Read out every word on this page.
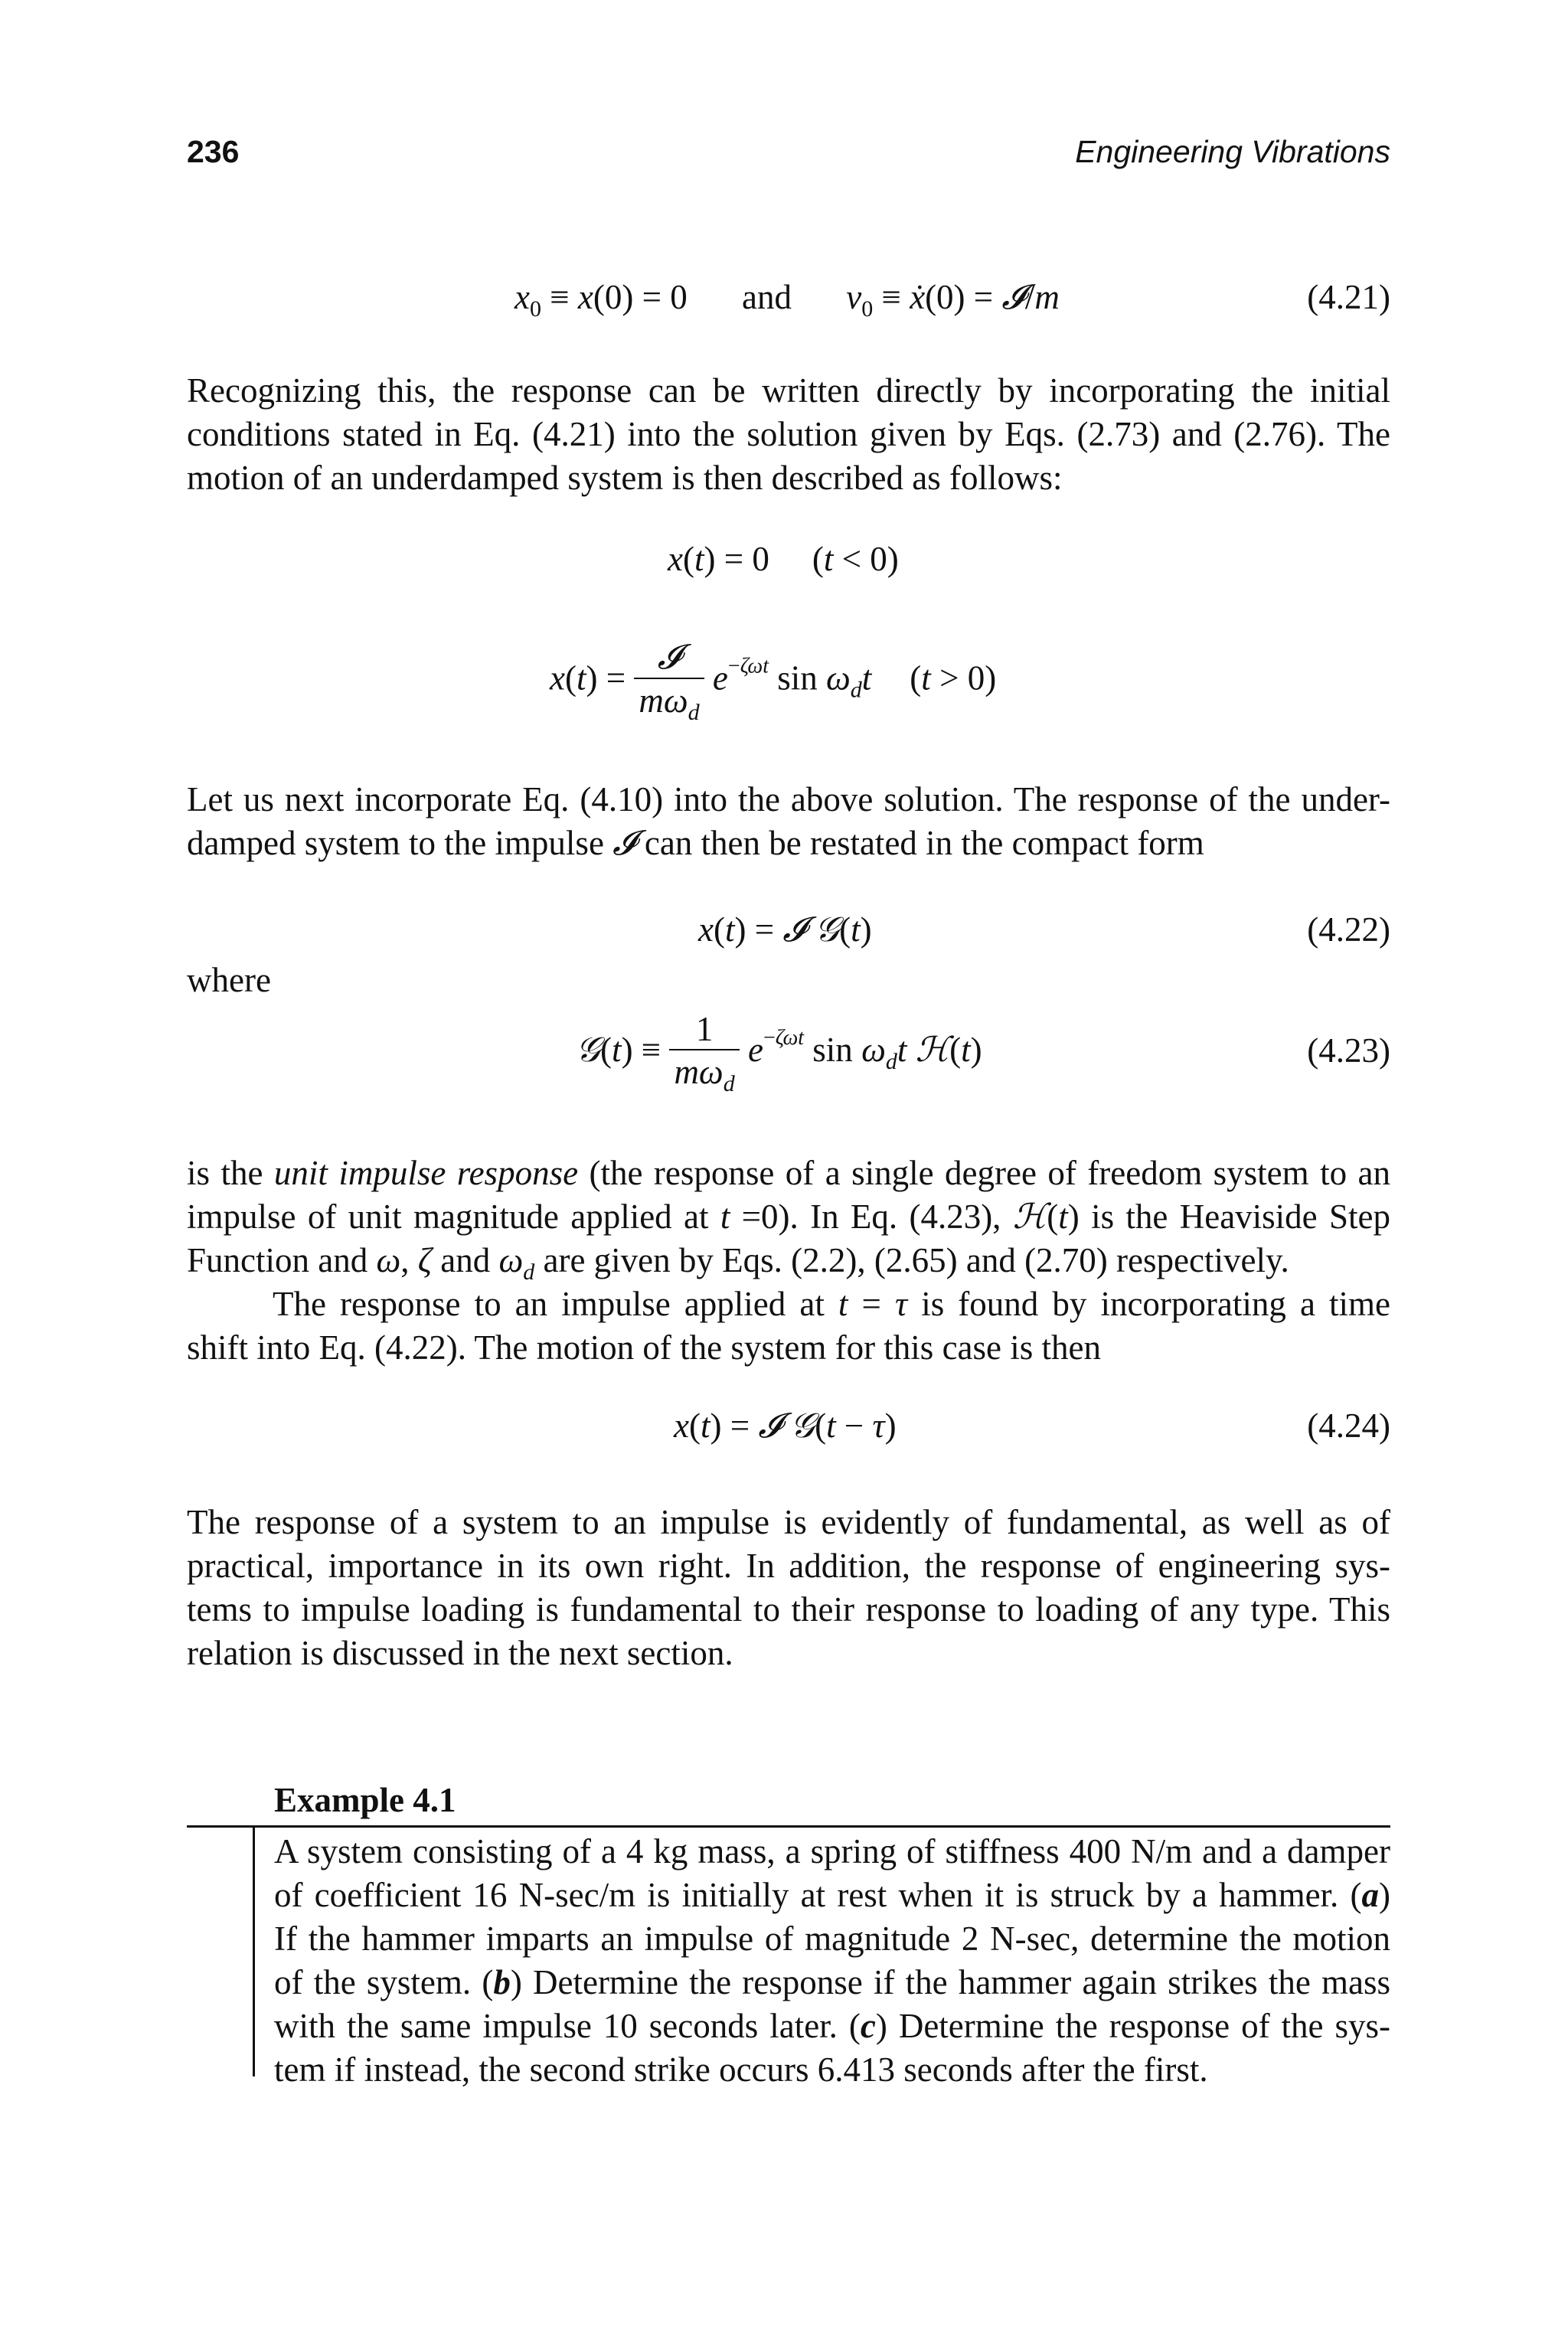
236	Engineering Vibrations
$x_0 \equiv x(0) = 0$ and $v_0$ ≡ ẋ(0) = 𝓘/m	(4.21)
Recognizing this, the response can be written directly by incorporating the initial
conditions stated in Eq. (4.21) into the solution given by Eqs. (2.73) and (2.76). The
motion of an underdamped system is then described as follows:
x(t) = 0 (t < 0)
$x(t) = \frac{\text{𝓘}}{m\omega_d} e^{-\zeta\omega t}$ $\sin \omega_dt$ (t > 0)
Let us next incorporate Eq. (4.10) into the above solution. The response of the under-
damped system to the impulse 𝓘 can then be restated in the compact form
x(t) = 𝓘 𝒢(t)	(4.22)
where
𝒢(t) ≡ $\frac{1}{m\omega_d} e^{-\zeta\omega t}$ $\sin \omega_dt$ ℋ(t)	(4.23)
is the unit impulse response (the response of a single degree of freedom system to an
impulse of unit magnitude applied at t =0). In Eq. (4.23), ℋ(t) is the Heaviside Step
Function and ω, ζ and $\omega_d$ are given by Eqs. (2.2), (2.65) and (2.70) respectively.
The response to an impulse applied at t = τ is found by incorporating a time
shift into Eq. (4.22). The motion of the system for this case is then
x(t) = 𝓘 𝒢(t − τ)	(4.24)
The response of a system to an impulse is evidently of fundamental, as well as of
practical, importance in its own right. In addition, the response of engineering sys-
tems to impulse loading is fundamental to their response to loading of any type. This
relation is discussed in the next section.
Example 4.1
A system consisting of a 4 kg mass, a spring of stiffness 400 N/m and a damper
of coefficient 16 N-sec/m is initially at rest when it is struck by a hammer. (a)
If the hammer imparts an impulse of magnitude 2 N-sec, determine the motion
of the system. (b) Determine the response if the hammer again strikes the mass
with the same impulse 10 seconds later. (c) Determine the response of the sys-
tem if instead, the second strike occurs 6.413 seconds after the first.
